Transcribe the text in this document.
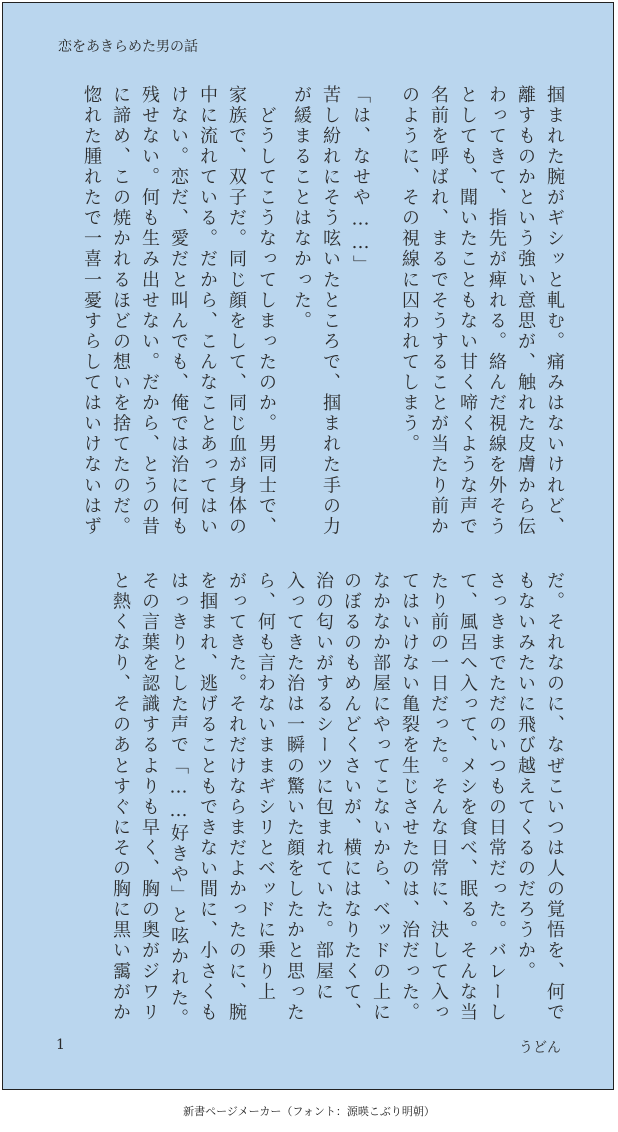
恋をあきらめた男の話
掴まれた腕がギシッと軋む。痛みはないけれど、
離すものかという強い意思が、触れた皮膚から伝
わってきて、指先が痺れる。絡んだ視線を外そう
としても、聞いたこともない甘く啼くような声で
名前を呼ばれ、まるでそうすることが当たり前か
のように、その視線に囚われてしまう。
「は、なせや……」
苦し紛れにそう呟いたところで、掴まれた手の力
が緩まることはなかった。
　どうしてこうなってしまったのか。男同士で、
家族で、双子だ。同じ顔をして、同じ血が身体の
中に流れている。だから、こんなことあってはい
けない。恋だ、愛だと叫んでも、俺では治に何も
残せない。何も生み出せない。だから、とうの昔
に諦め、この焼かれるほどの想いを捨てたのだ。
惚れた腫れたで一喜一憂すらしてはいけないはず
だ。それなのに、なぜこいつは人の覚悟を、何で
もないみたいに飛び越えてくるのだろうか。
さっきまでただのいつもの日常だった。バレーし
て、風呂へ入って、メシを食べ、眠る。そんな当
たり前の一日だった。そんな日常に、決して入っ
てはいけない亀裂を生じさせたのは、治だった。
なかなか部屋にやってこないから、ベッドの上に
のぼるのもめんどくさいが、横にはなりたくて、
治の匂いがするシーツに包まれていた。部屋に
入ってきた治は一瞬の驚いた顔をしたかと思った
ら、何も言わないままギシリとベッドに乗り上
がってきた。それだけならまだよかったのに、腕
を掴まれ、逃げることもできない間に、小さくも
はっきりとした声で「……好きや」と呟かれた。
その言葉を認識するよりも早く、胸の奥がジワリ
と熱くなり、そのあとすぐにその胸に黒い靄がか
1	うどん
新書ページメーカー（フォント：源暎こぶり明朝）
